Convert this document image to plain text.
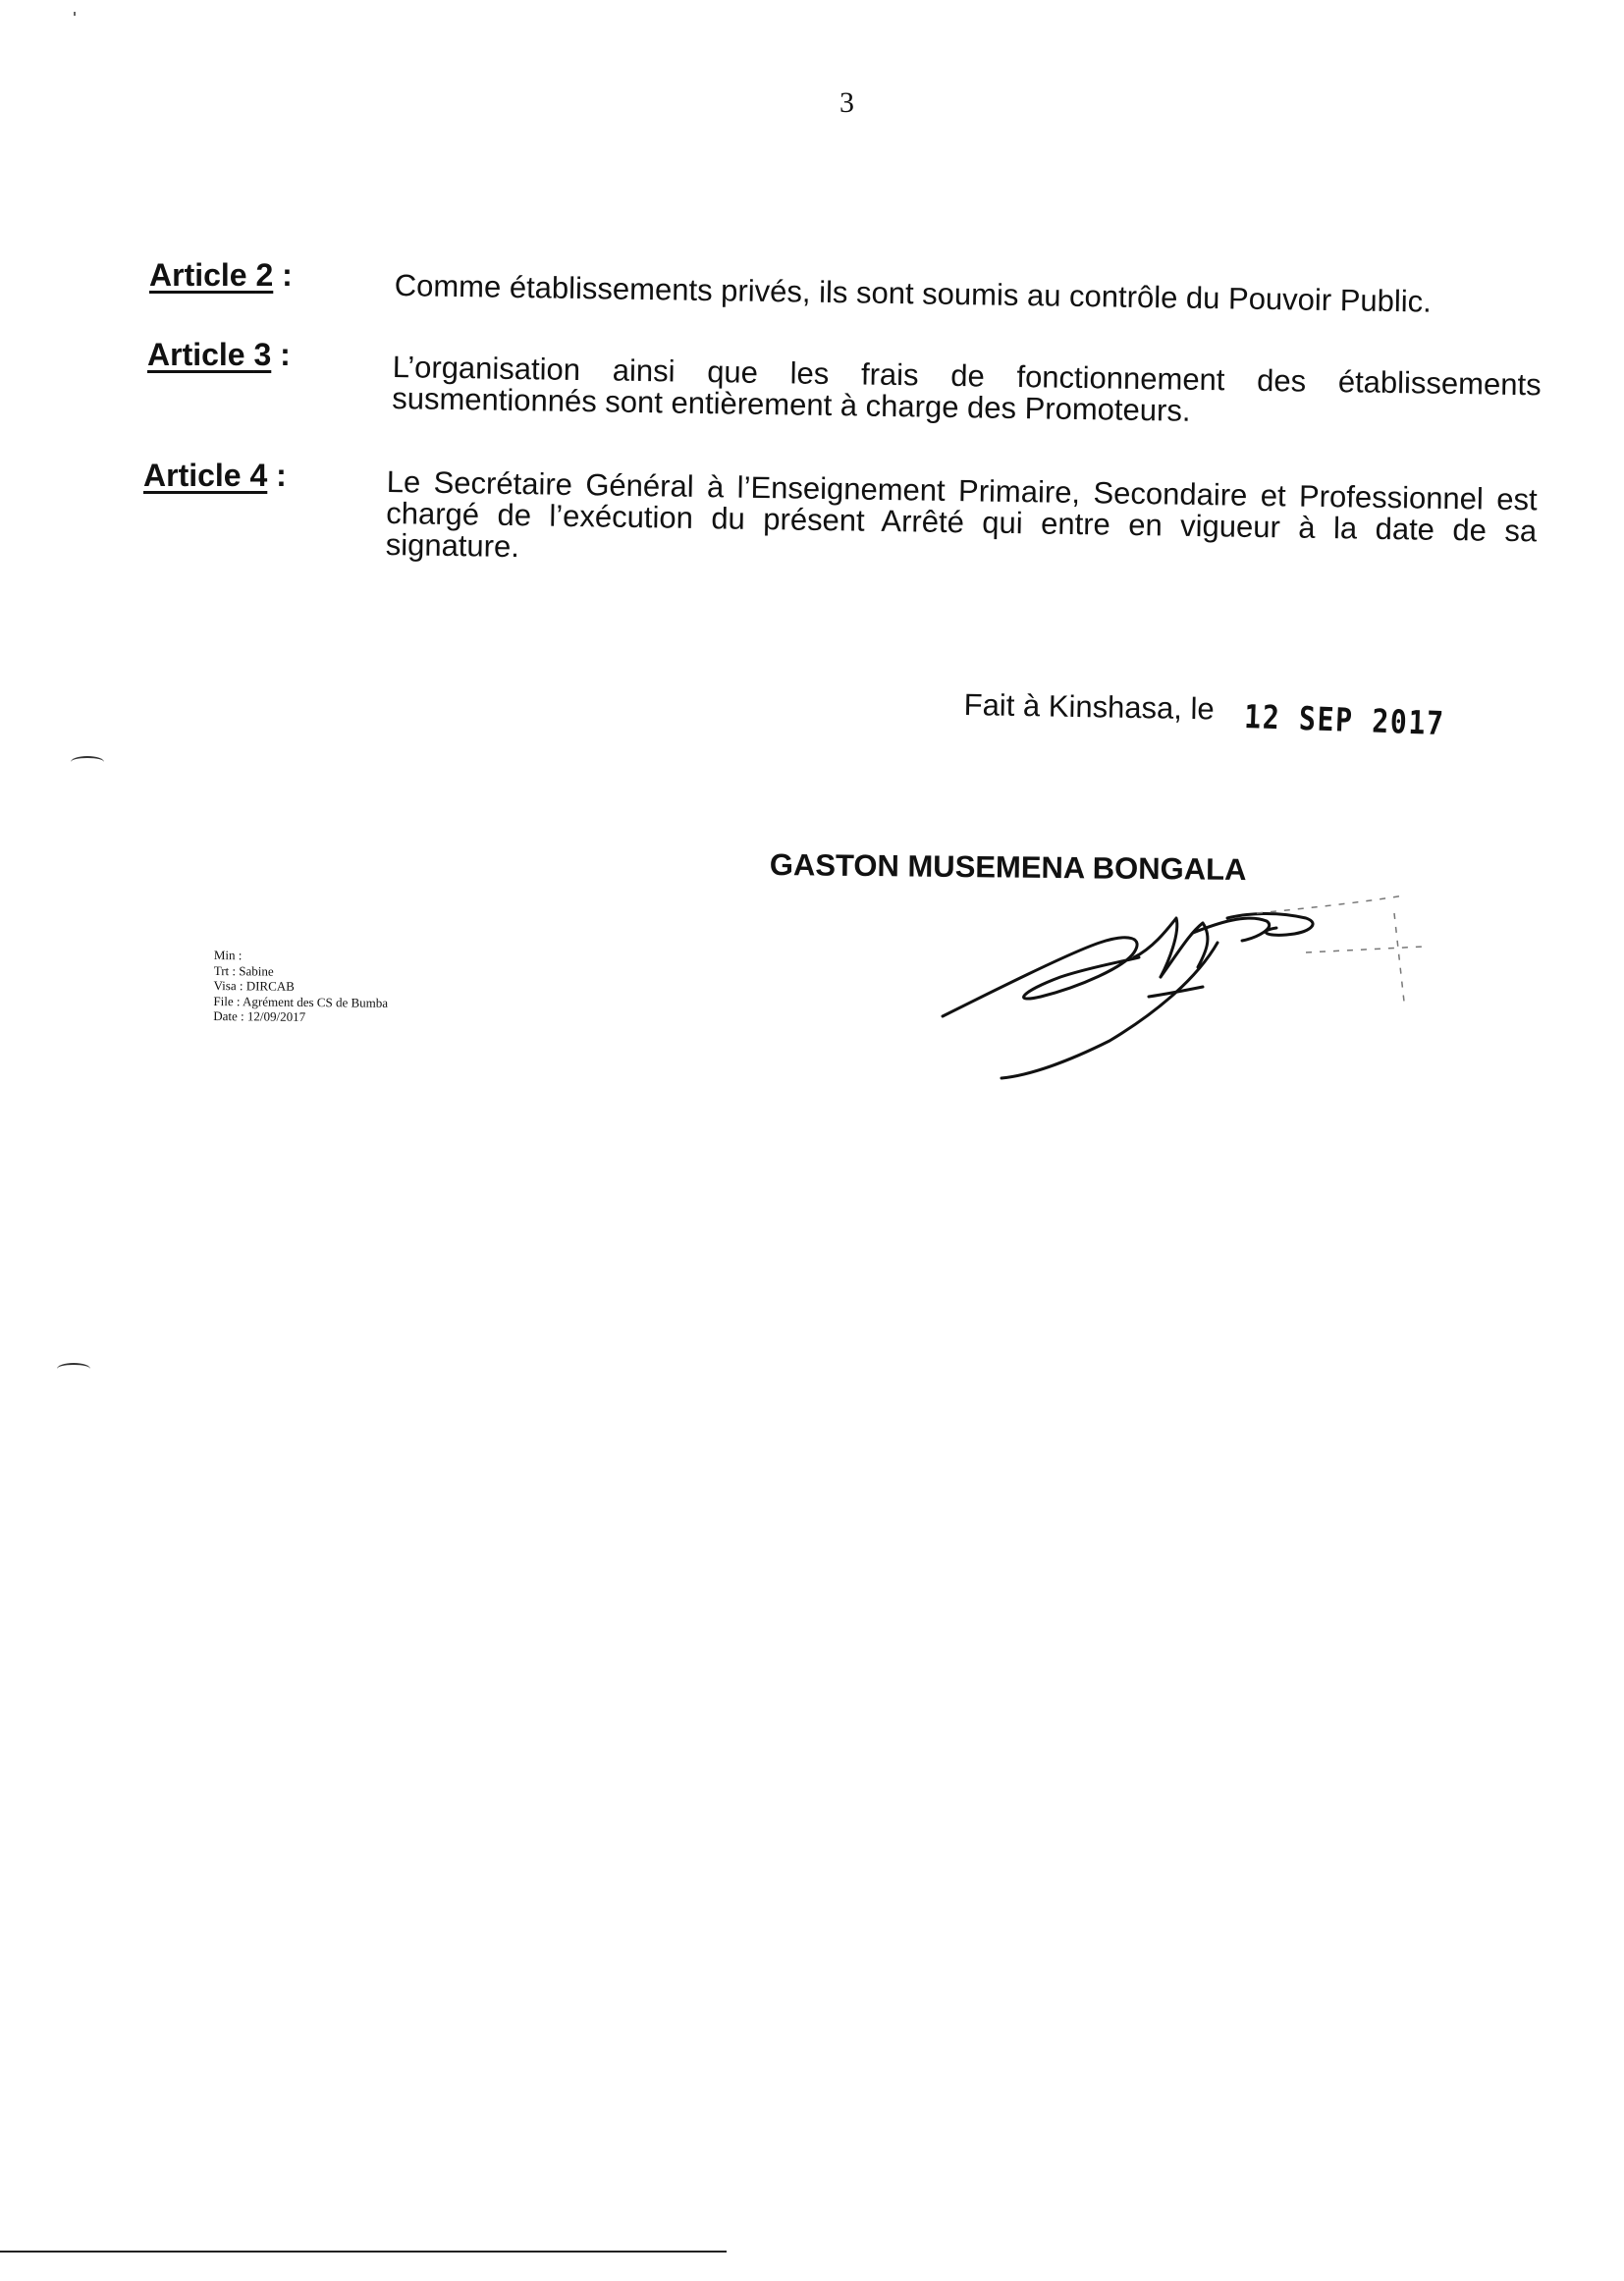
3
Article 2 :	Comme établissements privés, ils sont soumis au contrôle du Pouvoir Public.
Article 3 :	L’organisation ainsi que les frais de fonctionnement des établissements susmentionnés sont entièrement à charge des Promoteurs.
Article 4 :	Le Secrétaire Général à l’Enseignement Primaire, Secondaire et Professionnel est chargé de l’exécution du présent Arrêté qui entre en vigueur à la date de sa signature.
Fait à Kinshasa, le 12 SEP 2017
GASTON MUSEMENA BONGALA
Min :
Trt : Sabine
Visa : DIRCAB
File : Agrément des CS de Bumba
Date : 12/09/2017
